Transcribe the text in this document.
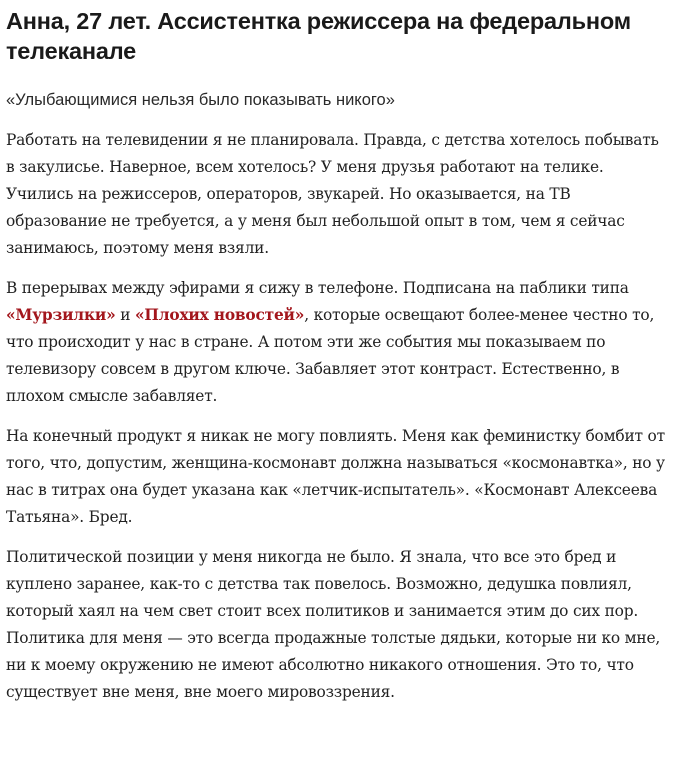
Анна, 27 лет. Ассистентка режиссера на федеральном телеканале

«Улыбающимися нельзя было показывать никого»

Работать на телевидении я не планировала. Правда, с детства хотелось побывать в закулисье. Наверное, всем хотелось? У меня друзья работают на телике. Учились на режиссеров, операторов, звукарей. Но оказывается, на ТВ образование не требуется, а у меня был небольшой опыт в том, чем я сейчас занимаюсь, поэтому меня взяли.

В перерывах между эфирами я сижу в телефоне. Подписана на паблики типа «Мурзилки» и «Плохих новостей», которые освещают более-менее честно то, что происходит у нас в стране. А потом эти же события мы показываем по телевизору совсем в другом ключе. Забавляет этот контраст. Естественно, в плохом смысле забавляет.

На конечный продукт я никак не могу повлиять. Меня как феминистку бомбит от того, что, допустим, женщина-космонавт должна называться «космонавтка», но у нас в титрах она будет указана как «летчик-испытатель». «Космонавт Алексеева Татьяна». Бред.

Политической позиции у меня никогда не было. Я знала, что все это бред и куплено заранее, как-то с детства так повелось. Возможно, дедушка повлиял, который хаял на чем свет стоит всех политиков и занимается этим до сих пор. Политика для меня — это всегда продажные толстые дядьки, которые ни ко мне, ни к моему окружению не имеют абсолютно никакого отношения. Это то, что существует вне меня, вне моего мировоззрения.
